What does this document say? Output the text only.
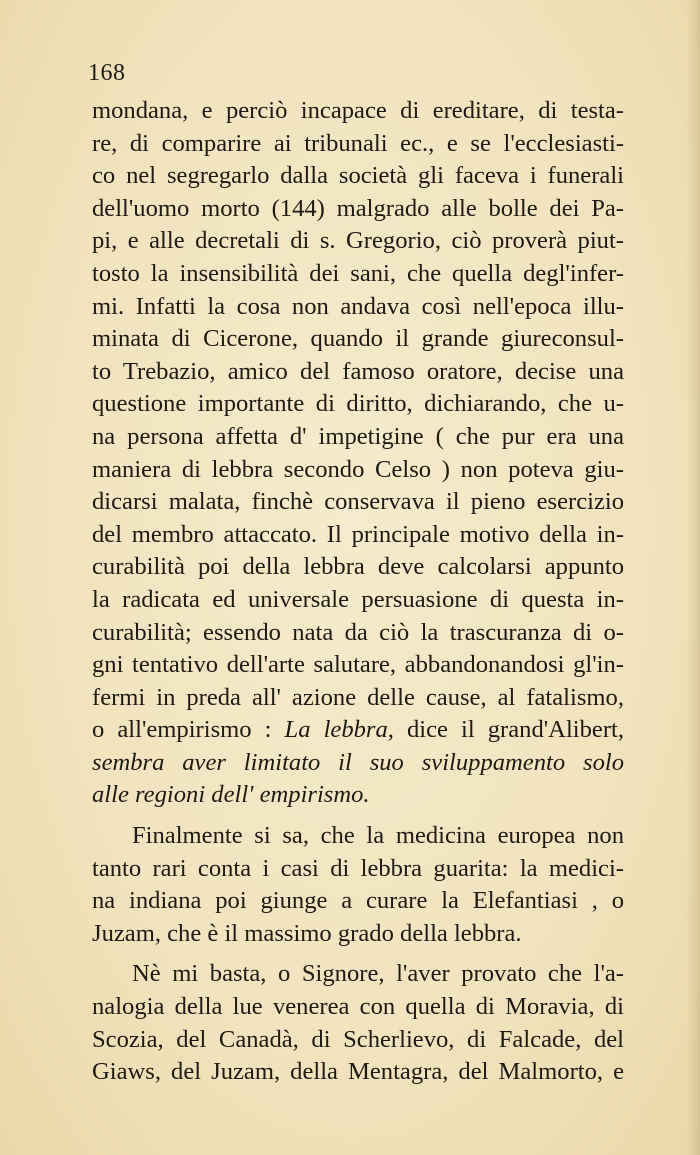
168
mondana, e perciò incapace di ereditare, di testa-
re, di comparire ai tribunali ec., e se l'ecclesiasti-
co nel segregarlo dalla società gli faceva i funerali
dell'uomo morto (144) malgrado alle bolle dei Pa-
pi, e alle decretali di s. Gregorio, ciò proverà piut-
tosto la insensibilità dei sani, che quella degl'infer-
mi. Infatti la cosa non andava così nell'epoca illu-
minata di Cicerone, quando il grande giureconsul-
to Trebazio, amico del famoso oratore, decise una
questione importante di diritto, dichiarando, che u-
na persona affetta d' impetigine ( che pur era una
maniera di lebbra secondo Celso ) non poteva giu-
dicarsi malata, finchè conservava il pieno esercizio
del membro attaccato. Il principale motivo della in-
curabilità poi della lebbra deve calcolarsi appunto
la radicata ed universale persuasione di questa in-
curabilità; essendo nata da ciò la trascuranza di o-
gni tentativo dell'arte salutare, abbandonandosi gl'in-
fermi in preda all' azione delle cause, al fatalismo,
o all'empirismo : La lebbra, dice il grand'Alibert,
sembra aver limitato il suo sviluppamento solo
alle regioni dell' empirismo.
Finalmente si sa, che la medicina europea non
tanto rari conta i casi di lebbra guarita: la medici-
na indiana poi giunge a curare la Elefantiasi , o
Juzam, che è il massimo grado della lebbra.
Nè mi basta, o Signore, l'aver provato che l'a-
nalogia della lue venerea con quella di Moravia, di
Scozia, del Canadà, di Scherlievo, di Falcade, del
Giaws, del Juzam, della Mentagra, del Malmorto, e
